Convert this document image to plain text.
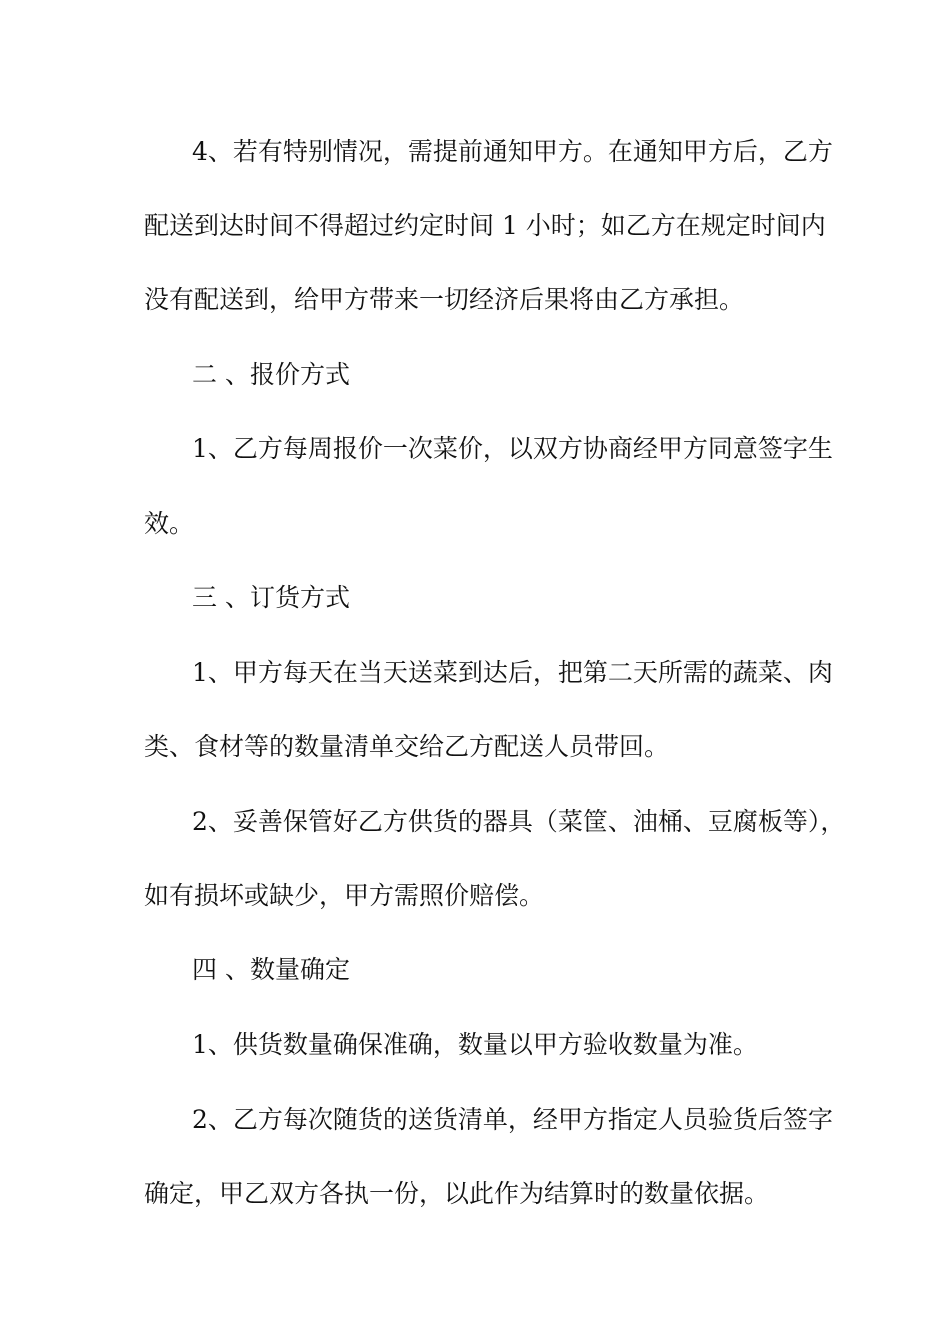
4、若有特别情况，需提前通知甲方。在通知甲方后，乙方
配送到达时间不得超过约定时间 1 小时；如乙方在规定时间内
没有配送到，给甲方带来一切经济后果将由乙方承担。
二 、报价方式
1、乙方每周报价一次菜价，以双方协商经甲方同意签字生
效。
三 、订货方式
1、甲方每天在当天送菜到达后，把第二天所需的蔬菜、肉
类、食材等的数量清单交给乙方配送人员带回。
2、妥善保管好乙方供货的器具（菜筐、油桶、豆腐板等），
如有损坏或缺少，甲方需照价赔偿。
四 、数量确定
1、供货数量确保准确，数量以甲方验收数量为准。
2、乙方每次随货的送货清单，经甲方指定人员验货后签字
确定，甲乙双方各执一份，以此作为结算时的数量依据。
